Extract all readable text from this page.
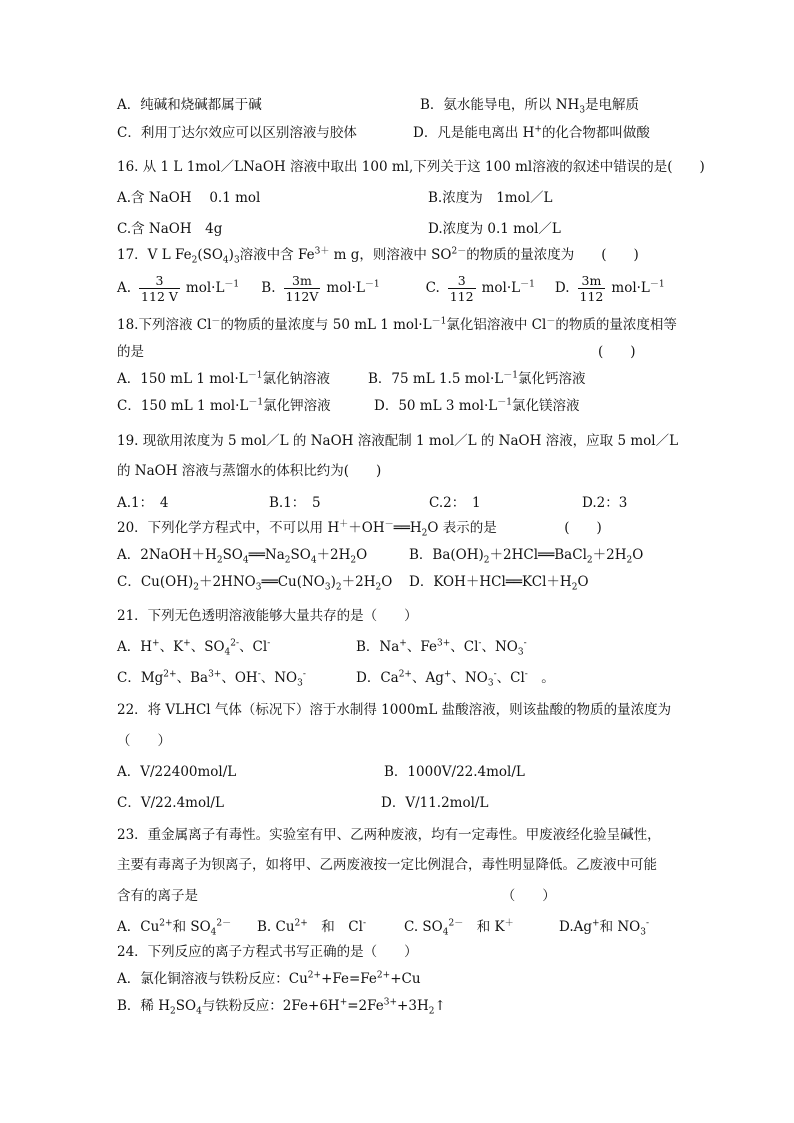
A．纯碱和烧碱都属于碱	B．氨水能导电，所以 $NH_3$是电解质
C．利用丁达尔效应可以区别溶液与胶体	D．凡是能电离出 H+的化合物都叫做酸
16. 从 1 L 1mol／LNaOH 溶液中取出 100 ml,下列关于这 100 ml溶液的叙述中错误的是(　　)
A.含 NaOH　 0.1 mol	B.浓度为　1mol／L
C.含 NaOH　4g	D.浓度为 0.1 mol／L
17．V L $Fe_2(SO_4)_3$溶液中含 $Fe^{3+}$ m g，则溶液中 $SO^{2-}$的物质的量浓度为　　(　　)
A. $\frac{3}{112 V} mol\cdot L^{-1}$ B. $\frac{3m}{112V} mol\cdot L^{-1}$	C. $\frac{3}{112} mol\cdot L^{-1}$ D. $\frac{3m}{112} mol\cdot L^{-1}$
18.下列溶液 Cl－的物质的量浓度与 50 mL 1 $mol\cdot L^{-1}$氯化铝溶液中 Cl－的物质的量浓度相等
的是	(　　)
A．150 mL 1 $mol\cdot L^{-1}$氯化钠溶液	B．75 mL 1.5 $mol\cdot L^{-1}$氯化钙溶液
C．150 mL 1 $mol\cdot L^{-1}$氯化钾溶液	D．50 mL 3 $mol\cdot L^{-1}$氯化镁溶液
19. 现欲用浓度为 5 mol／L 的 NaOH 溶液配制 1 mol／L 的 NaOH 溶液，应取 5 mol／L
的 NaOH 溶液与蒸馏水的体积比约为(　　)
A.1：　4	B.1：　5	C.2：　1	D.2：3
20．下列化学方程式中，不可以用 $H^++OH^-══H_2O$ 表示的是　　　　　(　　)
A．$2NaOH+H_2SO_4══Na_2SO_4+2H_2O$	B．$Ba(OH)_2+2HCl══BaCl_2+2H_2O$
C．$Cu(OH)_2+2HNO_3══Cu(NO_3)_2+2H_2O$ D．$KOH+HCl══KCl+H_2O$
21．下列无色透明溶液能够大量共存的是（　　）
A．H+、K+、$SO_4^{2-}$、Cl-	B．Na+、$Fe^{3+}$、Cl-、$NO_3^-$
C．$Mg^{2+}$、$Ba^{3+}$、OH-、$NO_3^-$	D．$Ca^{2+}$、Ag+、$NO_3^-$、Cl-　。
22．将 VLHCl 气体（标况下）溶于水制得 1000mL 盐酸溶液，则该盐酸的物质的量浓度为
（　　）
A．V/22400mol/L	B．1000V/22.4mol/L
C．V/22.4mol/L	D．V/11.2mol/L
23．重金属离子有毒性。实验室有甲、乙两种废液，均有一定毒性。甲废液经化验呈碱性，
主要有毒离子为钡离子，如将甲、乙两废液按一定比例混合，毒性明显降低。乙废液中可能
含有的离子是　　　　　　　　　　　　　　　　　　　　　　　（　　）
A．$Cu^{2+}$和 $SO_4^{2-}$ B. $Cu^{2+}$　和　Cl-	C. $SO_4^{2-}$　和 K＋	D.Ag+和 $NO_3^-$
24．下列反应的离子方程式书写正确的是（　　）
A．氯化铜溶液与铁粉反应：$Cu^{2+}+Fe=Fe^{2+}+Cu$
B．稀 $H_2SO_4$与铁粉反应：$2Fe+6H^+=2Fe^{3+}+3H_2↑$
